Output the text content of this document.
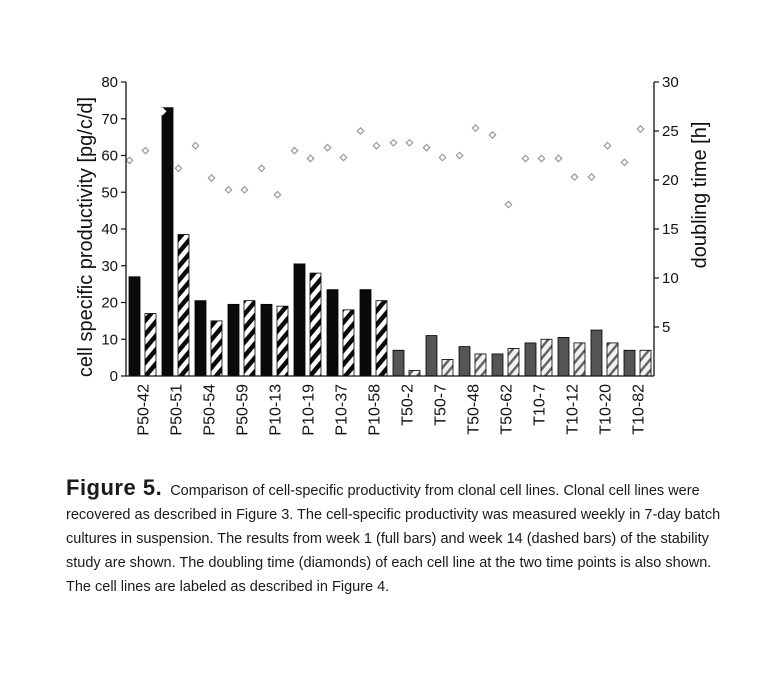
P50-42 P50-51 P50-54 P50-59 P10-13 P10-19 P10-37 P10-58 T50-2 T50-7 T50-48 T50-62 T10-7 T10-12 T10-20 T10-82
0
10
20
30
40
50
60
70
80
5
10
15
20
25
30
cell specific productivity [pg/c/d]	doubling time [h]
Figure 5. Comparison of cell-specific productivity from clonal cell lines. Clonal cell lines were recovered as described in Figure 3. The cell-specific productivity was measured weekly in 7-day batch cultures in suspension. The results from week 1 (full bars) and week 14 (dashed bars) of the stability study are shown. The doubling time (diamonds) of each cell line at the two time points is also shown. The cell lines are labeled as described in Figure 4.
